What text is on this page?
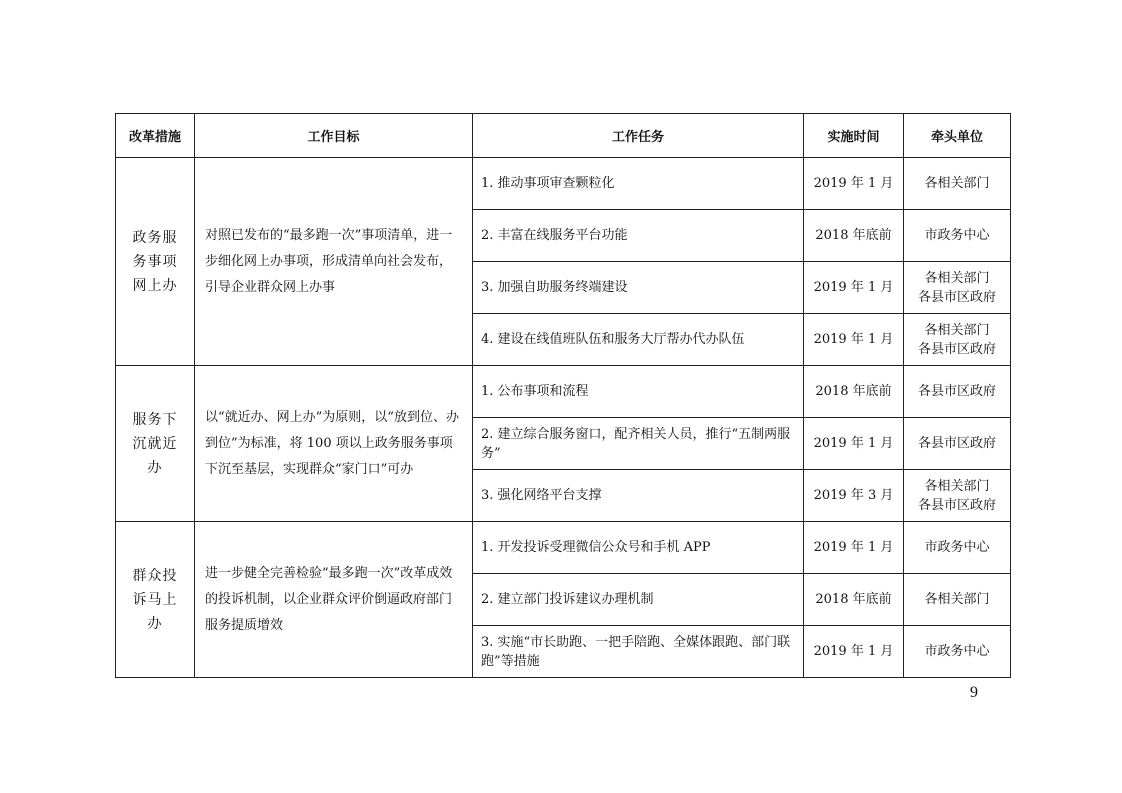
改革措施	工作目标	工作任务	实施时间	牵头单位
政务服务事项网上办	对照已发布的“最多跑一次”事项清单，进一步细化网上办事项，形成清单向社会发布，引导企业群众网上办事	1. 推动事项审查颗粒化	2019 年 1 月	各相关部门

		2. 丰富在线服务平台功能	2018 年底前	市政务中心

		3. 加强自助服务终端建设	2019 年 1 月	各相关部门
各县市区政府

		4. 建设在线值班队伍和服务大厅帮办代办队伍	2019 年 1 月	各相关部门
各县市区政府

服务下沉就近办	以“就近办、网上办”为原则，以“放到位、办到位”为标准，将 100 项以上政务服务事项下沉至基层，实现群众“家门口”可办	1. 公布事项和流程	2018 年底前	各县市区政府

		2. 建立综合服务窗口，配齐相关人员，推行“五制两服务”	2019 年 1 月	各县市区政府

		3. 强化网络平台支撑	2019 年 3 月	各相关部门
各县市区政府

群众投诉马上办	进一步健全完善检验“最多跑一次”改革成效的投诉机制，以企业群众评价倒逼政府部门服务提质增效	1. 开发投诉受理微信公众号和手机 APP	2019 年 1 月	市政务中心

		2. 建立部门投诉建议办理机制	2018 年底前	各相关部门

		3. 实施“市长助跑、一把手陪跑、全媒体跟跑、部门联跑”等措施	2019 年 1 月	市政务中心
9
